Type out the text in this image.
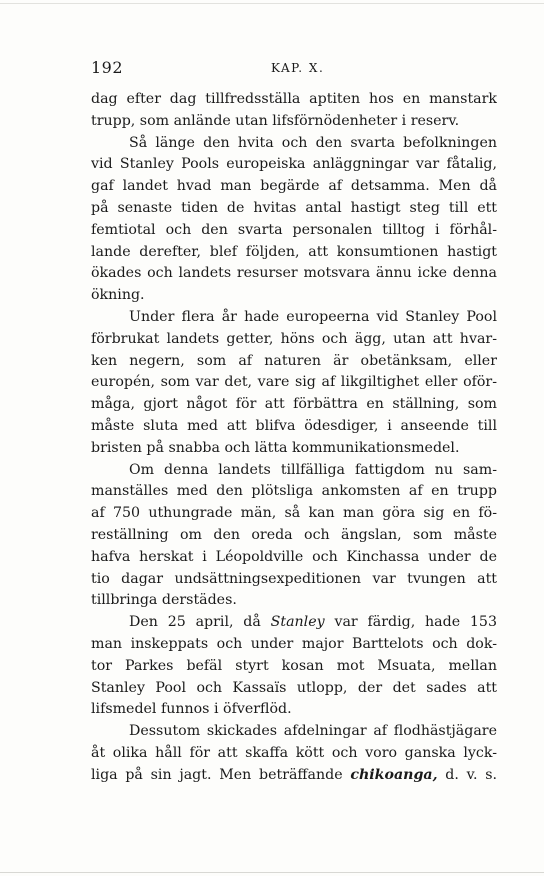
192	KAP. X.

dag efter dag tillfredsställa aptiten hos en manstark
trupp, som anlände utan lifsförnödenheter i reserv.

Så länge den hvita och den svarta befolkningen
vid Stanley Pools europeiska anläggningar var fåtalig,
gaf landet hvad man begärde af detsamma. Men då
på senaste tiden de hvitas antal hastigt steg till ett
femtiotal och den svarta personalen tilltog i förhål-
lande derefter, blef följden, att konsumtionen hastigt
ökades och landets resurser motsvara ännu icke denna
ökning.

Under flera år hade europeerna vid Stanley Pool
förbrukat landets getter, höns och ägg, utan att hvar-
ken negern, som af naturen är obetänksam, eller
europén, som var det, vare sig af likgiltighet eller oför-
måga, gjort något för att förbättra en ställning, som
måste sluta med att blifva ödesdiger, i anseende till
bristen på snabba och lätta kommunikationsmedel.

Om denna landets tillfälliga fattigdom nu sam-
manställes med den plötsliga ankomsten af en trupp
af 750 uthungrade män, så kan man göra sig en fö-
reställning om den oreda och ängslan, som måste
hafva herskat i Léopoldville och Kinchassa under de
tio dagar undsättningsexpeditionen var tvungen att
tillbringa derstädes.

Den 25 april, då Stanley var färdig, hade 153
man inskeppats och under major Barttelots och dok-
tor Parkes befäl styrt kosan mot Msuata, mellan
Stanley Pool och Kassaïs utlopp, der det sades att
lifsmedel funnos i öfverflöd.

Dessutom skickades afdelningar af flodhästjägare
åt olika håll för att skaffa kött och voro ganska lyck-
liga på sin jagt. Men beträffande chikoanga, d. v. s.
